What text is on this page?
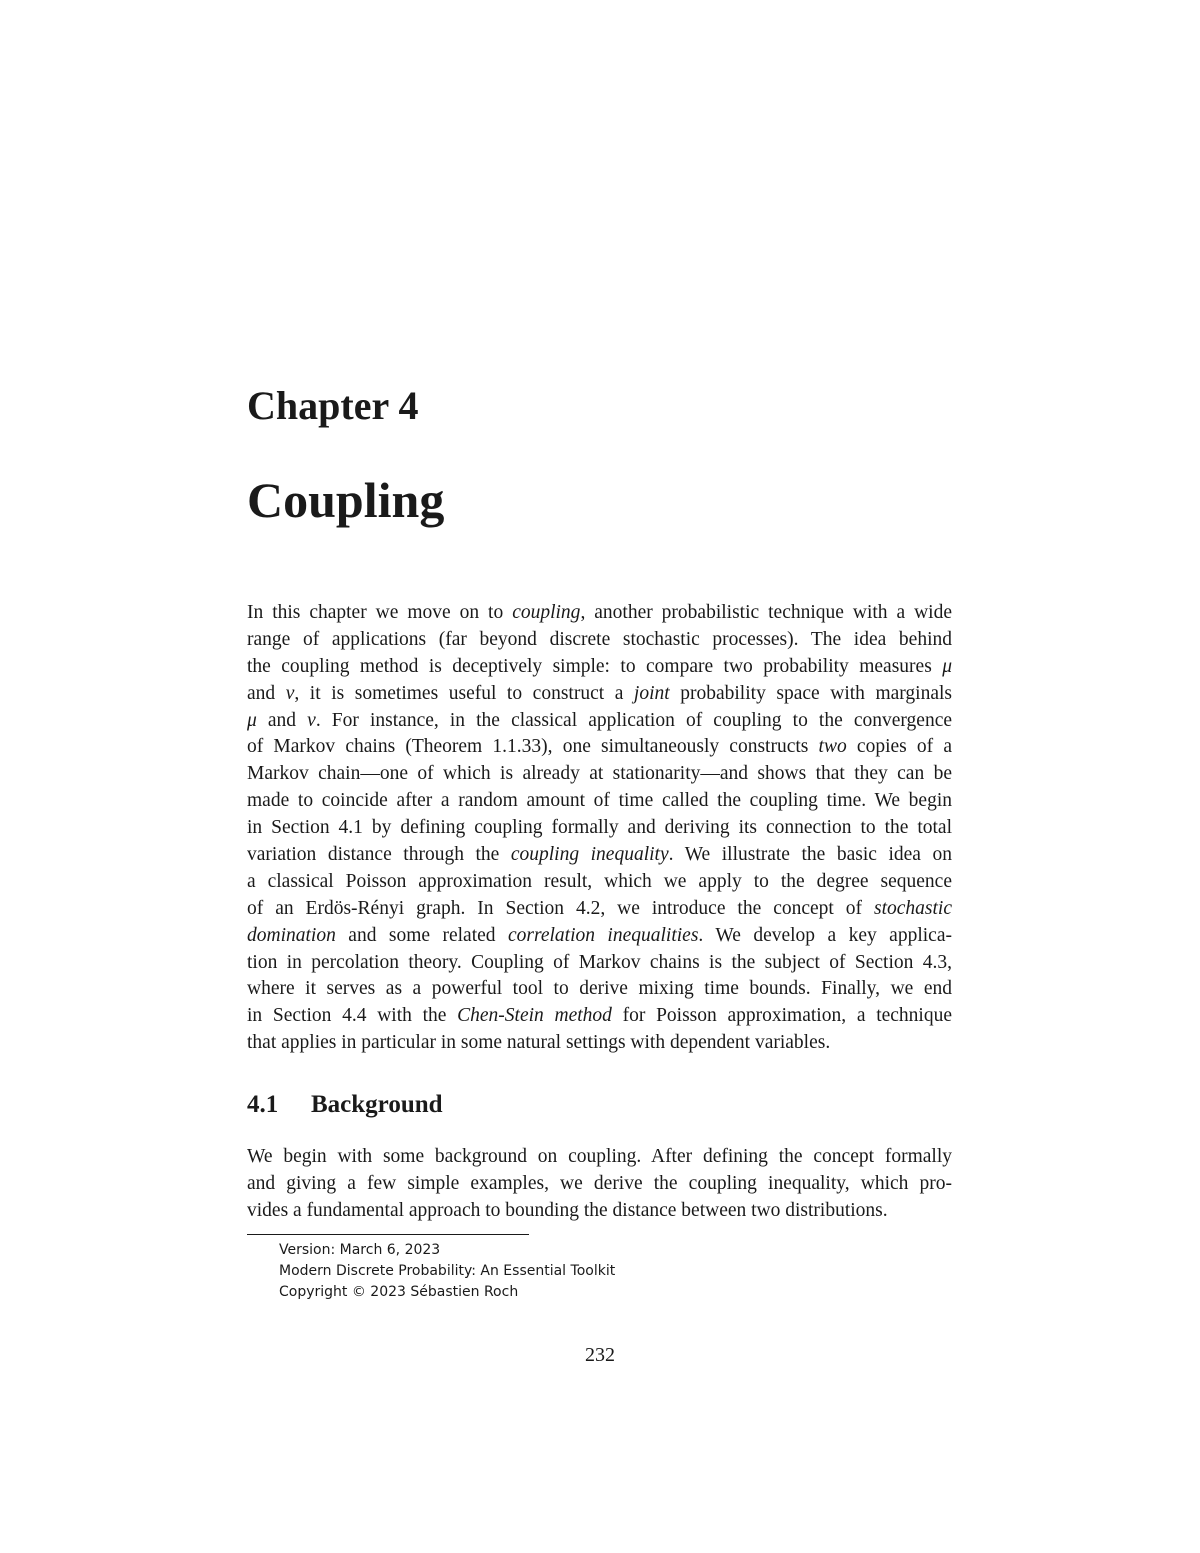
Chapter 4
Coupling
In this chapter we move on to coupling, another probabilistic technique with a wide
range of applications (far beyond discrete stochastic processes). The idea behind
the coupling method is deceptively simple: to compare two probability measures μ
and ν, it is sometimes useful to construct a joint probability space with marginals
μ and ν. For instance, in the classical application of coupling to the convergence
of Markov chains (Theorem 1.1.33), one simultaneously constructs two copies of a
Markov chain—one of which is already at stationarity—and shows that they can be
made to coincide after a random amount of time called the coupling time. We begin
in Section 4.1 by defining coupling formally and deriving its connection to the total
variation distance through the coupling inequality. We illustrate the basic idea on
a classical Poisson approximation result, which we apply to the degree sequence
of an Erdös-Rényi graph. In Section 4.2, we introduce the concept of stochastic
domination and some related correlation inequalities. We develop a key applica-
tion in percolation theory. Coupling of Markov chains is the subject of Section 4.3,
where it serves as a powerful tool to derive mixing time bounds. Finally, we end
in Section 4.4 with the Chen-Stein method for Poisson approximation, a technique
that applies in particular in some natural settings with dependent variables.
4.1 Background
We begin with some background on coupling. After defining the concept formally
and giving a few simple examples, we derive the coupling inequality, which pro-
vides a fundamental approach to bounding the distance between two distributions.
Version: March 6, 2023
Modern Discrete Probability: An Essential Toolkit
Copyright © 2023 Sébastien Roch
232
